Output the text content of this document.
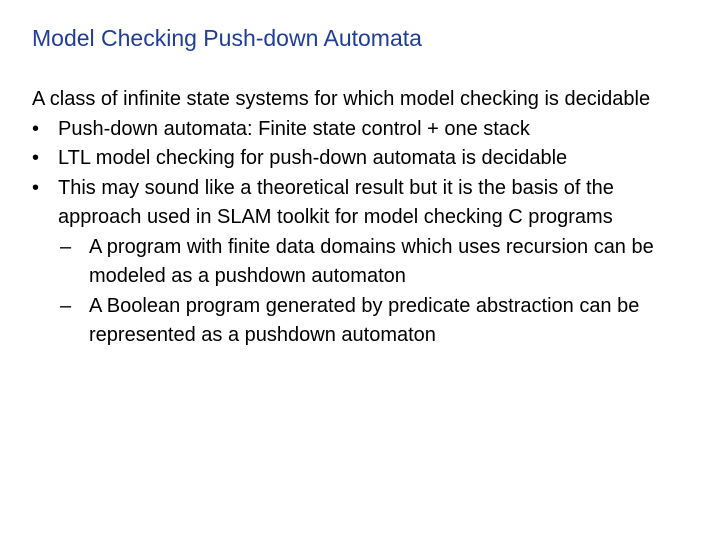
Model Checking Push-down Automata

A class of infinite state systems for which model checking is decidable

• Push-down automata: Finite state control + one stack
• LTL model checking for push-down automata is decidable
• This may sound like a theoretical result but it is the basis of the approach used in SLAM toolkit for model checking C programs
– A program with finite data domains which uses recursion can be modeled as a pushdown automaton
– A Boolean program generated by predicate abstraction can be represented as a pushdown automaton
